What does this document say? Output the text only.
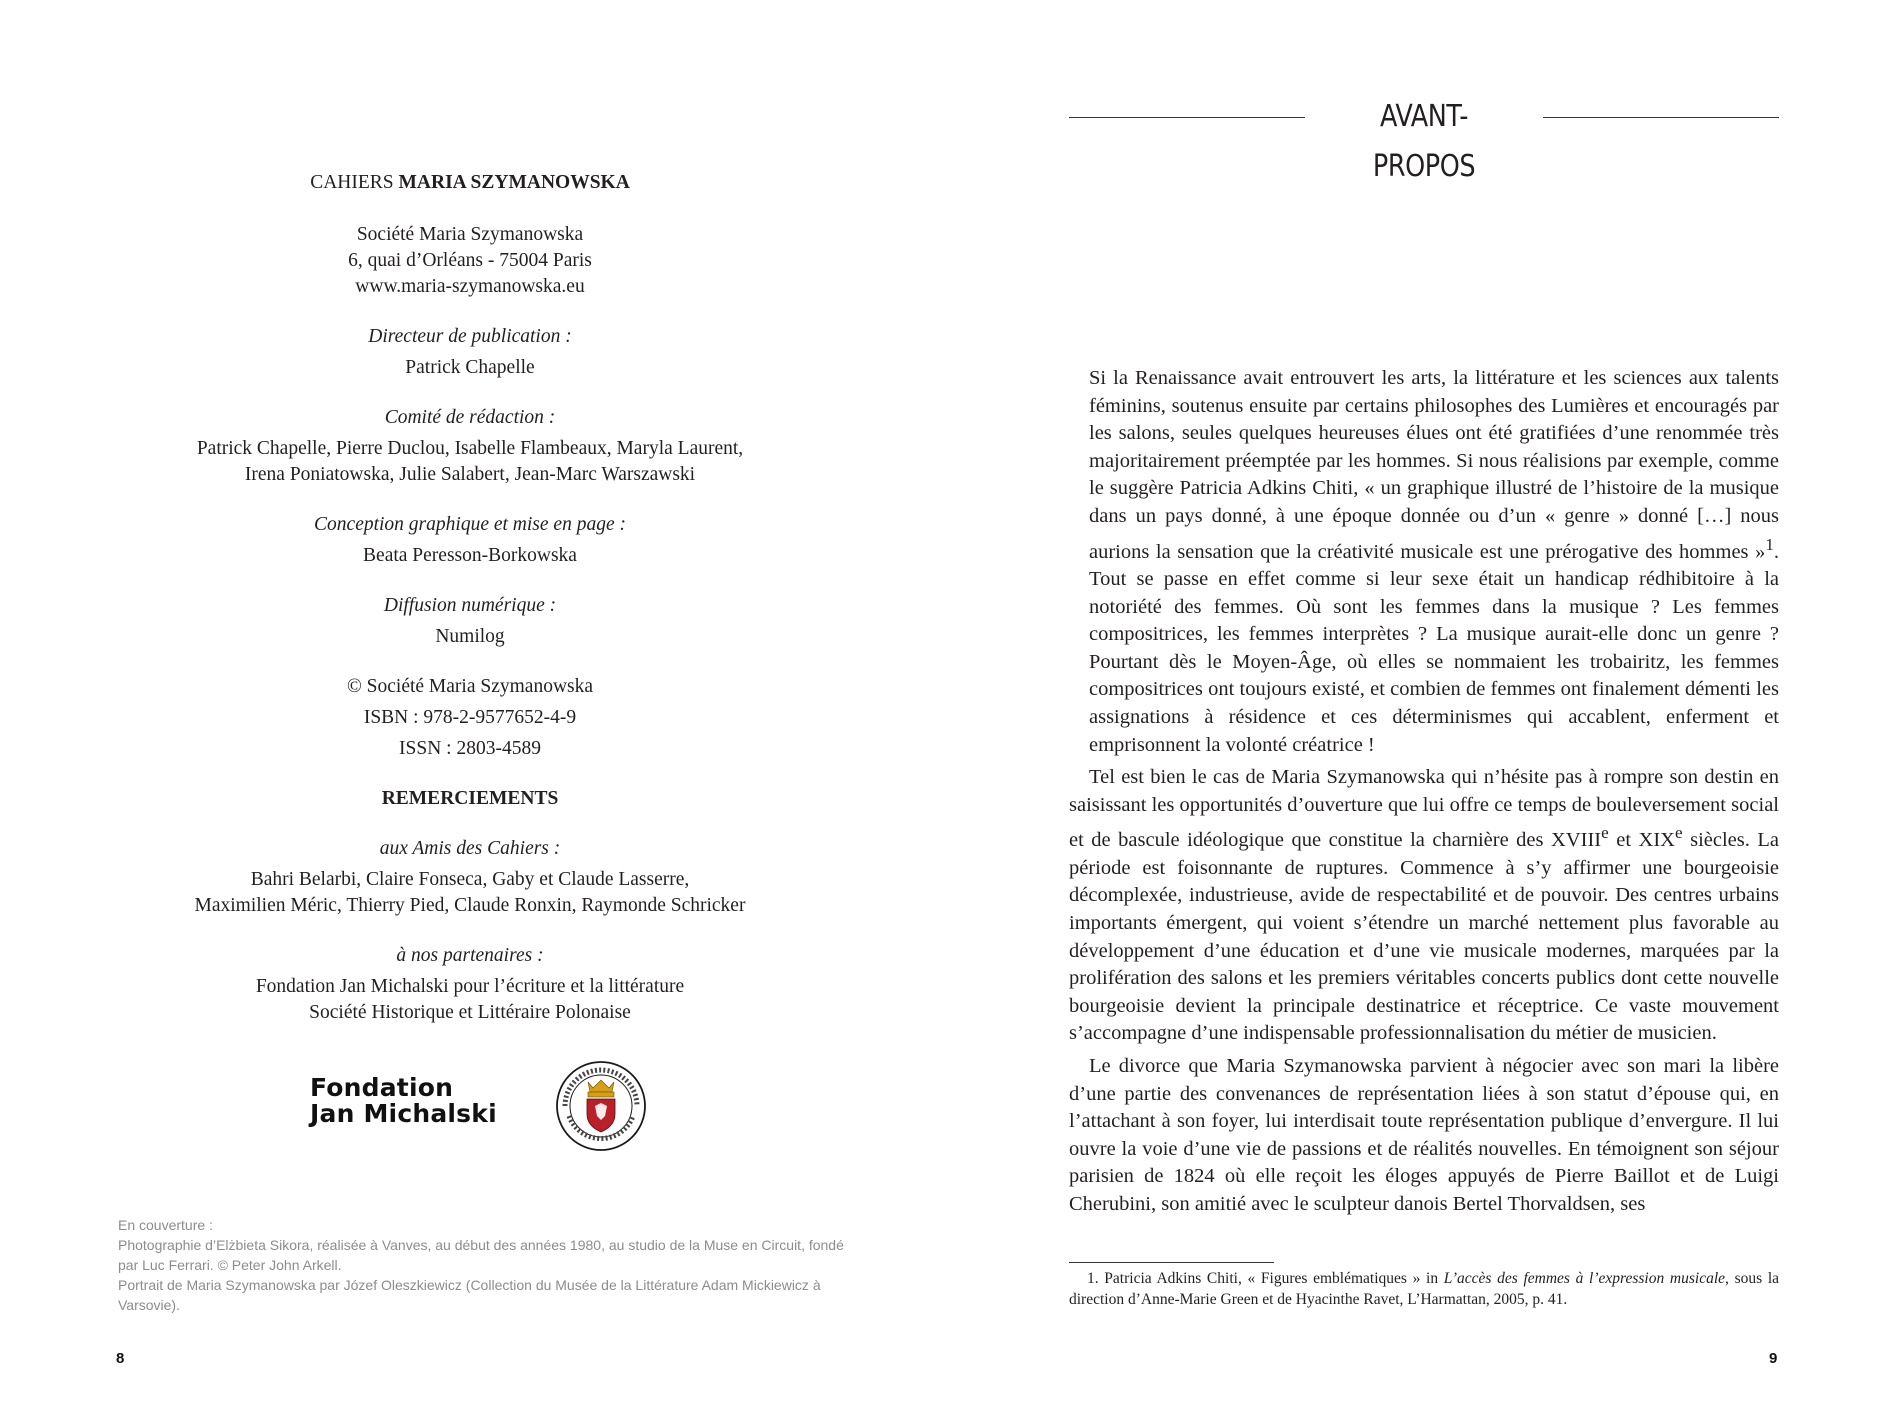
CAHIERS MARIA SZYMANOWSKA

Société Maria Szymanowska

6, quai d’Orléans - 75004 Paris

www.maria-szymanowska.eu

Directeur de publication :

Patrick Chapelle

Comité de rédaction :

Patrick Chapelle, Pierre Duclou, Isabelle Flambeaux, Maryla Laurent,

Irena Poniatowska, Julie Salabert, Jean-Marc Warszawski

Conception graphique et mise en page :

Beata Peresson-Borkowska

Diffusion numérique :

Numilog

© Société Maria Szymanowska

ISBN : 978-2-9577652-4-9

ISSN : 2803-4589

REMERCIEMENTS

aux Amis des Cahiers :

Bahri Belarbi, Claire Fonseca, Gaby et Claude Lasserre,

Maximilien Méric, Thierry Pied, Claude Ronxin, Raymonde Schricker

à nos partenaires :

Fondation Jan Michalski pour l’écriture et la littérature

Société Historique et Littéraire Polonaise

Fondation
Jan Michalski

En couverture :

Photographie d’Elżbieta Sikora, réalisée à Vanves, au début des années 1980, au studio de la Muse en Circuit, fondé par Luc Ferrari. © Peter John Arkell.

Portrait de Maria Szymanowska par Józef Oleszkiewicz (Collection du Musée de la Littérature Adam Mickiewicz à Varsovie).

8
AVANT-PROPOS

Si la Renaissance avait entrouvert les arts, la littérature et les sciences aux talents féminins, soutenus ensuite par certains philosophes des Lumières et encouragés par les salons, seules quelques heureuses élues ont été gratifiées d’une renommée très majoritairement préemptée par les hommes. Si nous réalisions par exemple, comme le suggère Patricia Adkins Chiti, « un graphique illustré de l’histoire de la musique dans un pays donné, à une époque donnée ou d’un « genre » donné […] nous aurions la sensation que la créativité musicale est une prérogative des hommes »$^1$. Tout se passe en effet comme si leur sexe était un handicap rédhibitoire à la notoriété des femmes. Où sont les femmes dans la musique ? Les femmes compositrices, les femmes interprètes ? La musique aurait-elle donc un genre ? Pourtant dès le Moyen-Âge, où elles se nommaient les trobairitz, les femmes compositrices ont toujours existé, et combien de femmes ont finalement démenti les assignations à résidence et ces déterminismes qui accablent, enferment et emprisonnent la volonté créatrice !

Tel est bien le cas de Maria Szymanowska qui n’hésite pas à rompre son destin en saisissant les opportunités d’ouverture que lui offre ce temps de bouleversement social et de bascule idéologique que constitue la charnière des XVIIIe et XIXe siècles. La période est foisonnante de ruptures. Commence à s’y affirmer une bourgeoisie décomplexée, industrieuse, avide de respectabilité et de pouvoir. Des centres urbains importants émergent, qui voient s’étendre un marché nettement plus favorable au développement d’une éducation et d’une vie musicale modernes, marquées par la prolifération des salons et les premiers véritables concerts publics dont cette nouvelle bourgeoisie devient la principale destinatrice et réceptrice. Ce vaste mouvement s’accompagne d’une indispensable professionnalisation du métier de musicien.

Le divorce que Maria Szymanowska parvient à négocier avec son mari la libère d’une partie des convenances de représentation liées à son statut d’épouse qui, en l’attachant à son foyer, lui interdisait toute représentation publique d’envergure. Il lui ouvre la voie d’une vie de passions et de réalités nouvelles. En témoignent son séjour parisien de 1824 où elle reçoit les éloges appuyés de Pierre Baillot et de Luigi Cherubini, son amitié avec le sculpteur danois Bertel Thorvaldsen, ses

1. Patricia Adkins Chiti, « Figures emblématiques » in L’accès des femmes à l’expression musicale, sous la direction d’Anne-Marie Green et de Hyacinthe Ravet, L’Harmattan, 2005, p. 41.

9
